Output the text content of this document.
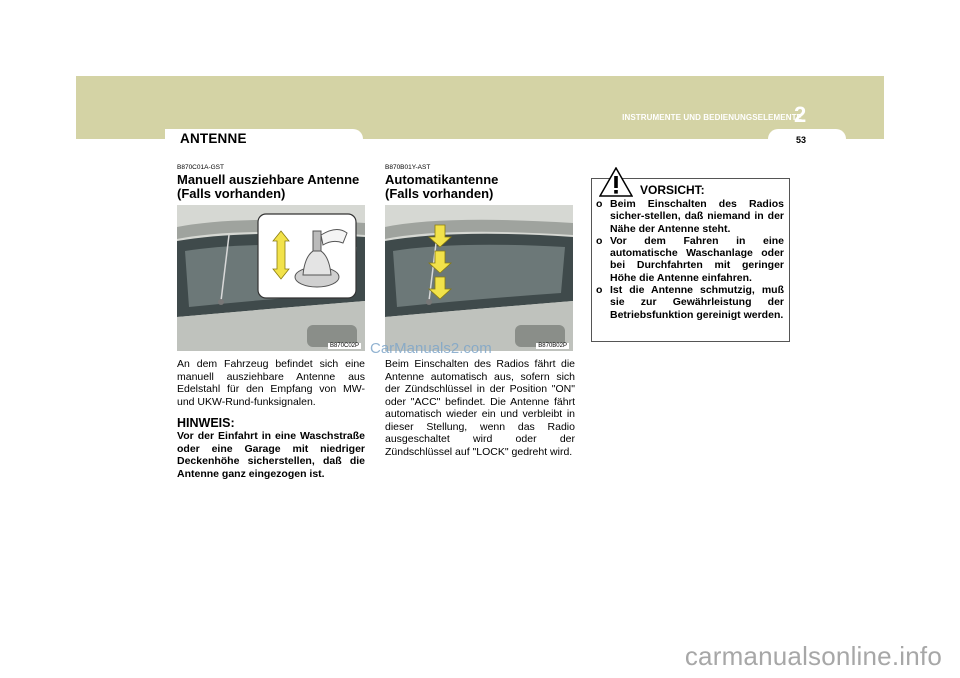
ANTENNE
INSTRUMENTE UND BEDIENUNGSELEMENTE
2
53
B870C01A-GST
Manuell ausziehbare Antenne
(Falls vorhanden)
B870C02P
An dem Fahrzeug befindet sich eine manuell ausziehbare Antenne aus Edelstahl für den Empfang von MW- und UKW-Rund-funksignalen.
HINWEIS:
Vor der Einfahrt in eine Waschstraße oder eine Garage mit niedriger Deckenhöhe sicherstellen, daß die Antenne ganz eingezogen ist.
B870B01Y-AST
Automatikantenne
(Falls vorhanden)
B870B02P
Beim Einschalten des Radios fährt die Antenne automatisch aus, sofern sich der Zündschlüssel in der Position "ON" oder "ACC" befindet. Die Antenne fährt automatisch wieder ein und verbleibt in dieser Stellung, wenn das Radio ausgeschaltet wird oder der Zündschlüssel auf "LOCK" gedreht wird.
VORSICHT:
o Beim Einschalten des Radios sicher-stellen, daß niemand in der Nähe der Antenne steht.
o Vor dem Fahren in eine automatische Waschanlage oder bei Durchfahrten mit geringer Höhe die Antenne einfahren.
o Ist die Antenne schmutzig, muß sie zur Gewährleistung der Betriebsfunktion gereinigt werden.
CarManuals2.com
carmanualsonline.info
